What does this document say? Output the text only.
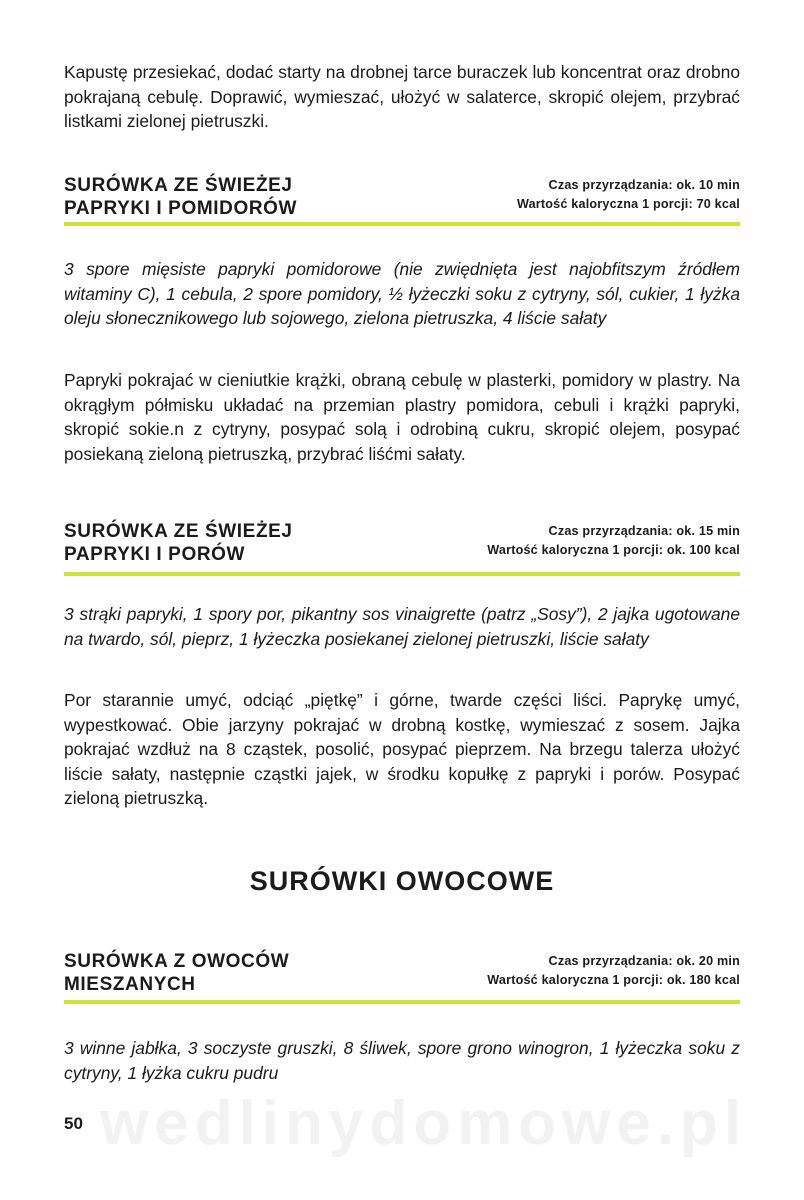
Kapustę przesiekać, dodać starty na drobnej tarce buraczek lub koncentrat oraz drobno pokrajaną cebulę. Doprawić, wymieszać, ułożyć w salaterce, skropić olejem, przybrać listkami zielonej pietruszki.

SURÓWKA ZE ŚWIEŻEJ
PAPRYKI I POMIDORÓW
Czas przyrządzania: ok. 10 min
Wartość kaloryczna 1 porcji: 70 kcal

3 spore mięsiste papryki pomidorowe (nie zwiędnięta jest najobfitszym źródłem witaminy C), 1 cebula, 2 spore pomidory, ½ łyżeczki soku z cytryny, sól, cukier, 1 łyżka oleju słonecznikowego lub sojowego, zielona pietruszka, 4 liście sałaty

Papryki pokrajać w cieniutkie krążki, obraną cebulę w plasterki, pomidory w plastry. Na okrągłym półmisku układać na przemian plastry pomidora, cebuli i krążki papryki, skropić sokie.n z cytryny, posypać solą i odrobiną cukru, skropić olejem, posypać posiekaną zieloną pietruszką, przybrać liśćmi sałaty.

SURÓWKA ZE ŚWIEŻEJ
PAPRYKI I PORÓW
Czas przyrządzania: ok. 15 min
Wartość kaloryczna 1 porcji: ok. 100 kcal

3 strąki papryki, 1 spory por, pikantny sos vinaigrette (patrz „Sosy”), 2 jajka ugotowane na twardo, sól, pieprz, 1 łyżeczka posiekanej zielonej pietruszki, liście sałaty

Por starannie umyć, odciąć „piętkę” i górne, twarde części liści. Paprykę umyć, wypestkować. Obie jarzyny pokrajać w drobną kostkę, wymieszać z sosem. Jajka pokrajać wzdłuż na 8 cząstek, posolić, posypać pieprzem. Na brzegu talerza ułożyć liście sałaty, następnie cząstki jajek, w środku kopułkę z papryki i porów. Posypać zieloną pietruszką.

SURÓWKI OWOCOWE
SURÓWKA Z OWOCÓW
MIESZANYCH
Czas przyrządzania: ok. 20 min
Wartość kaloryczna 1 porcji: ok. 180 kcal

3 winne jabłka, 3 soczyste gruszki, 8 śliwek, spore grono winogron, 1 łyżeczka soku z cytryny, 1 łyżka cukru pudru

wedlinydomowe.pl
50
